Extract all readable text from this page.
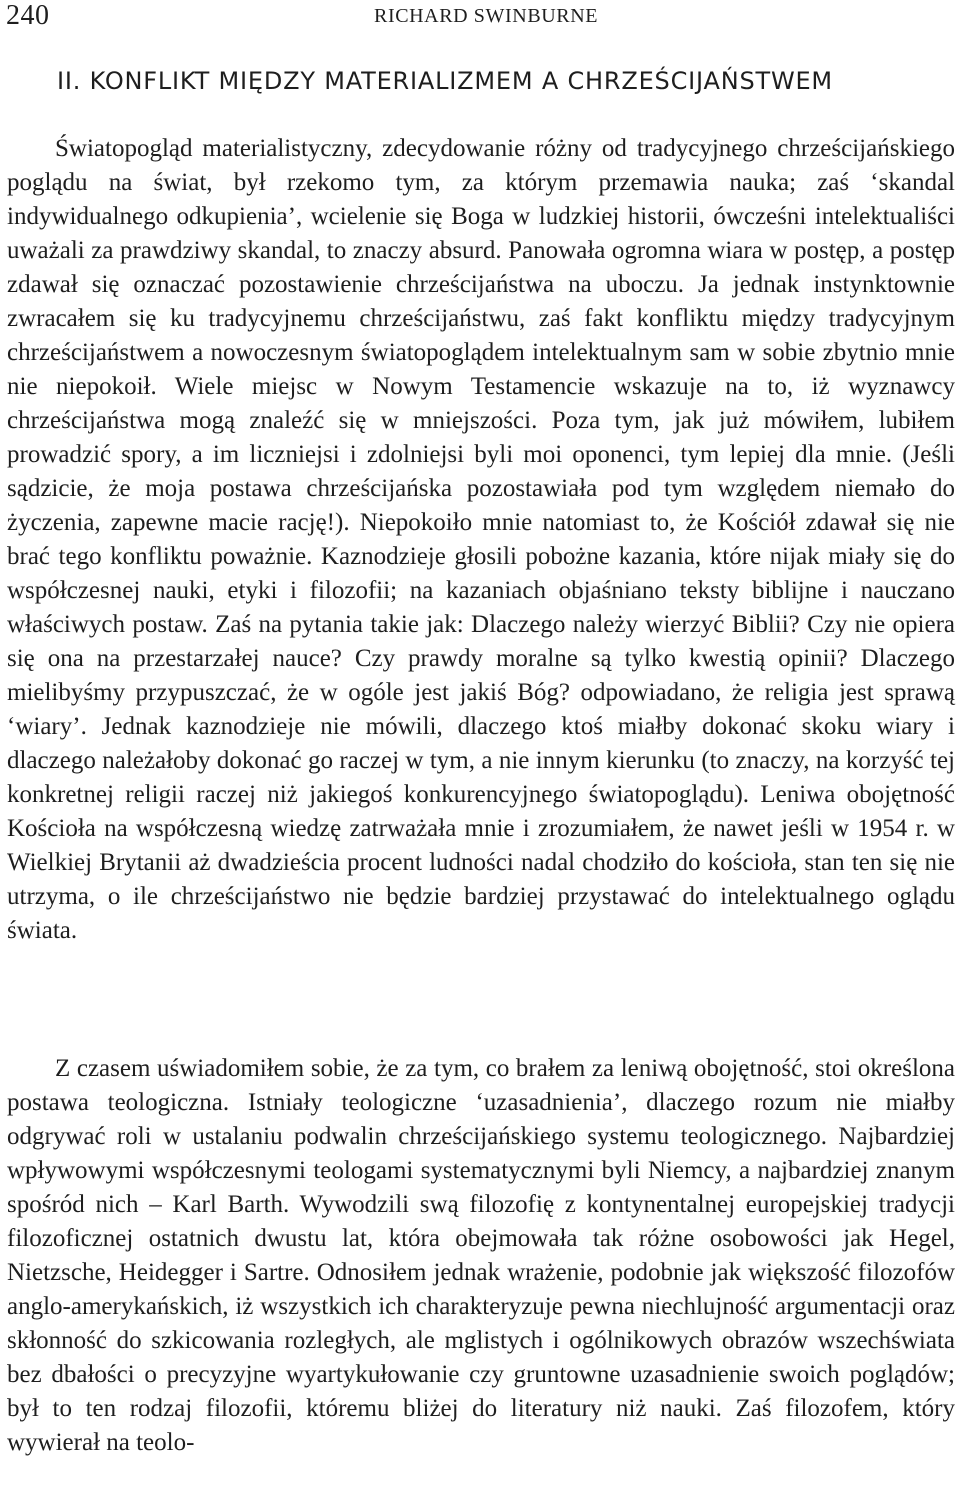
240	RICHARD SWINBURNE
II. KONFLIKT MIĘDZY MATERIALIZMEM A CHRZEŚCIJAŃSTWEM

Światopogląd materialistyczny, zdecydowanie różny od tradycyjnego chrześcijańskiego poglądu na świat, był rzekomo tym, za którym przemawia nauka; zaś ‘skandal indywidualnego odkupienia’, wcielenie się Boga w ludzkiej historii, ówcześni intelektualiści uważali za prawdziwy skandal, to znaczy absurd. Panowała ogromna wiara w postęp, a postęp zdawał się oznaczać pozostawienie chrześcijaństwa na uboczu. Ja jednak instynktownie zwracałem się ku tradycyjnemu chrześcijaństwu, zaś fakt konfliktu między tradycyjnym chrześcijaństwem a nowoczesnym światopoglądem intelektualnym sam w sobie zbytnio mnie nie niepokoił. Wiele miejsc w Nowym Testamencie wskazuje na to, iż wyznawcy chrześcijaństwa mogą znaleźć się w mniejszości. Poza tym, jak już mówiłem, lubiłem prowadzić spory, a im liczniejsi i zdolniejsi byli moi oponenci, tym lepiej dla mnie. (Jeśli sądzicie, że moja postawa chrześcijańska pozostawiała pod tym względem niemało do życzenia, zapewne macie rację!). Niepokoiło mnie natomiast to, że Kościół zdawał się nie brać tego konfliktu poważnie. Kaznodzieje głosili pobożne kazania, które nijak miały się do współczesnej nauki, etyki i filozofii; na kazaniach objaśniano teksty biblijne i nauczano właściwych postaw. Zaś na pytania takie jak: Dlaczego należy wierzyć Biblii? Czy nie opiera się ona na przestarzałej nauce? Czy prawdy moralne są tylko kwestią opinii? Dlaczego mielibyśmy przypuszczać, że w ogóle jest jakiś Bóg? odpowiadano, że religia jest sprawą ‘wiary’. Jednak kaznodzieje nie mówili, dlaczego ktoś miałby dokonać skoku wiary i dlaczego należałoby dokonać go raczej w tym, a nie innym kierunku (to znaczy, na korzyść tej konkretnej religii raczej niż jakiegoś konkurencyjnego światopoglądu). Leniwa obojętność Kościoła na współczesną wiedzę zatrważała mnie i zrozumiałem, że nawet jeśli w 1954 r. w Wielkiej Brytanii aż dwadzieścia procent ludności nadal chodziło do kościoła, stan ten się nie utrzyma, o ile chrześcijaństwo nie będzie bardziej przystawać do intelektualnego oglądu świata.

Z czasem uświadomiłem sobie, że za tym, co brałem za leniwą obojętność, stoi określona postawa teologiczna. Istniały teologiczne ‘uzasadnienia’, dlaczego rozum nie miałby odgrywać roli w ustalaniu podwalin chrześcijańskiego systemu teologicznego. Najbardziej wpływowymi współczesnymi teologami systematycznymi byli Niemcy, a najbardziej znanym spośród nich – Karl Barth. Wywodzili swą filozofię z kontynentalnej europejskiej tradycji filozoficznej ostatnich dwustu lat, która obejmowała tak różne osobowości jak Hegel, Nietzsche, Heidegger i Sartre. Odnosiłem jednak wrażenie, podobnie jak większość filozofów anglo-amerykańskich, iż wszystkich ich charakteryzuje pewna niechlujność argumentacji oraz skłonność do szkicowania rozległych, ale mglistych i ogólnikowych obrazów wszechświata bez dbałości o precyzyjne wyartykułowanie czy gruntowne uzasadnienie swoich poglądów; był to ten rodzaj filozofii, któremu bliżej do literatury niż nauki. Zaś filozofem, który wywierał na teolo-
